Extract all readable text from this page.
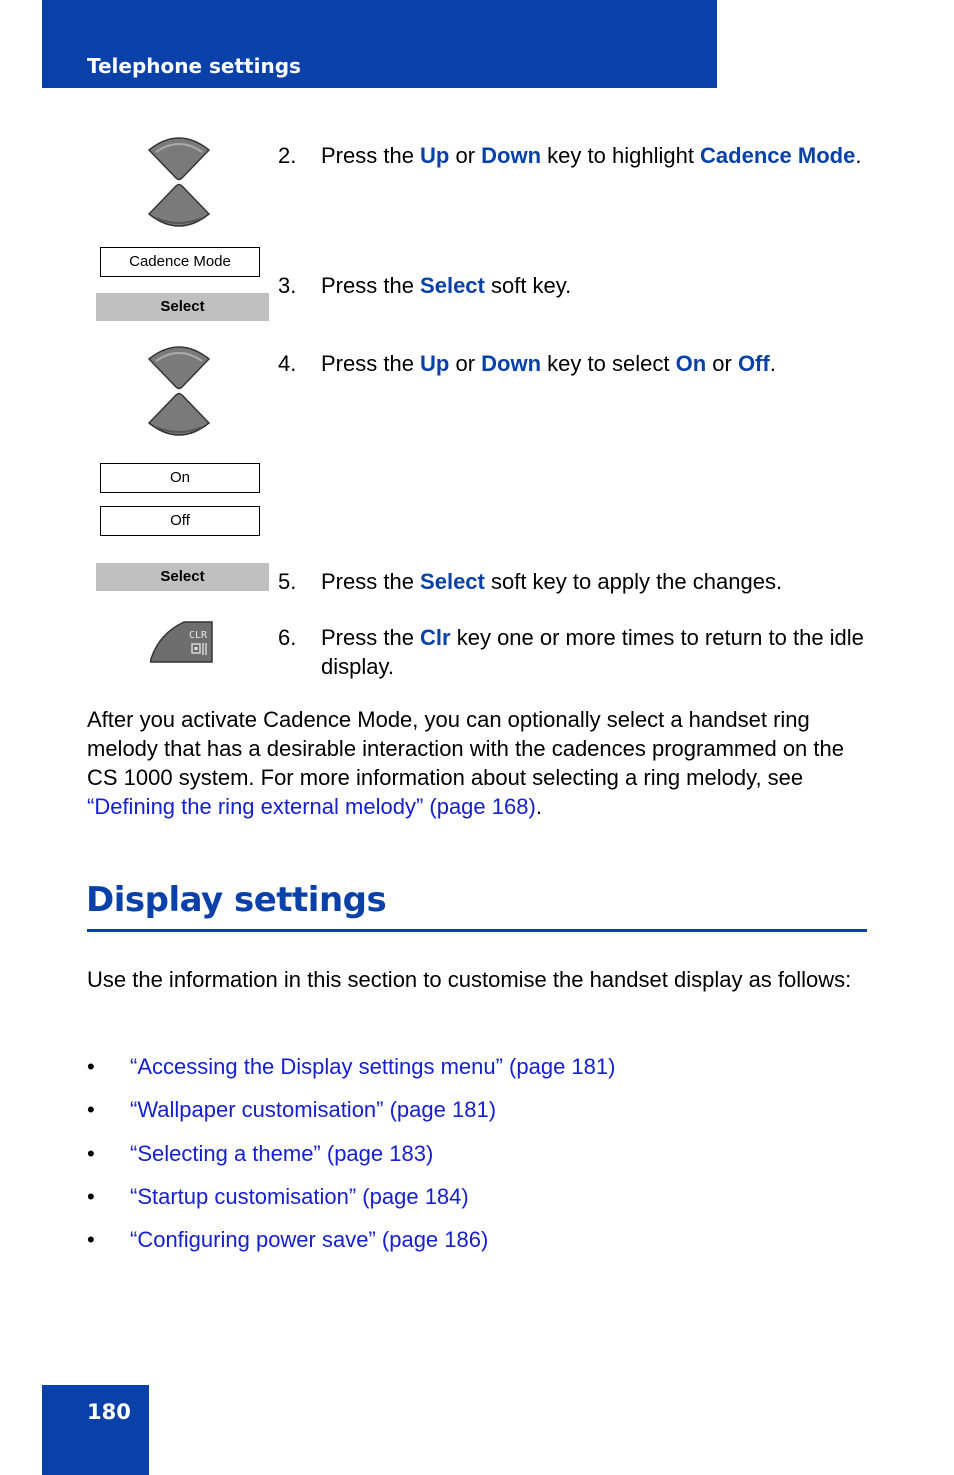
Telephone settings
Cadence Mode
Select
On
Off
Select
CLR
2. Press the Up or Down key to highlight Cadence Mode.
3. Press the Select soft key.
4. Press the Up or Down key to select On or Off.
5. Press the Select soft key to apply the changes.
6. Press the Clr key one or more times to return to the idle display.
After you activate Cadence Mode, you can optionally select a handset ring melody that has a desirable interaction with the cadences programmed on the CS 1000 system. For more information about selecting a ring melody, see “Defining the ring external melody” (page 168).
Display settings
Use the information in this section to customise the handset display as follows:
• “Accessing the Display settings menu” (page 181)
• “Wallpaper customisation” (page 181)
• “Selecting a theme” (page 183)
• “Startup customisation” (page 184)
• “Configuring power save” (page 186)
180
